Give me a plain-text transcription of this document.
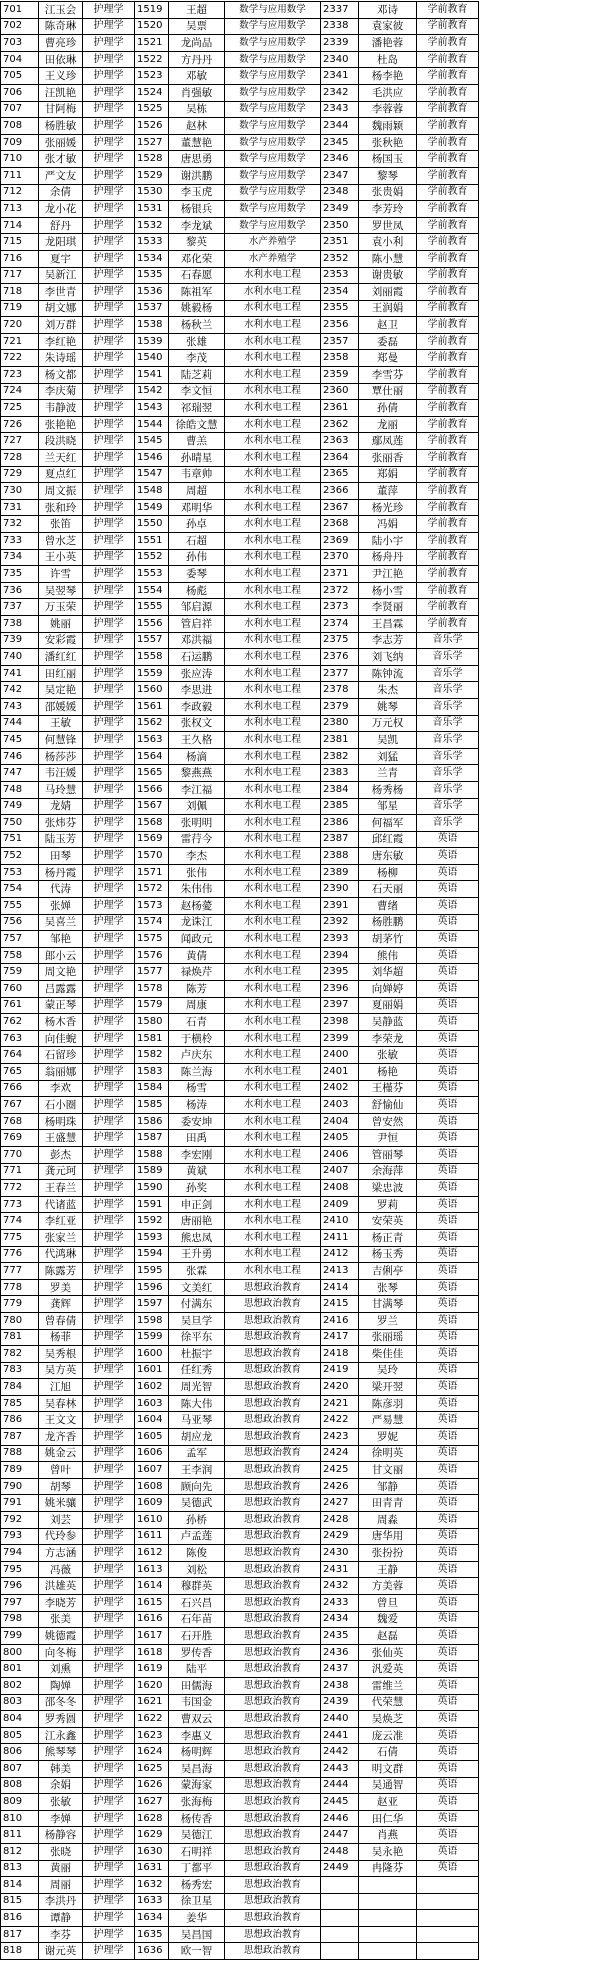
701	江玉会	护理学	1519	王超	数学与应用数学	2337	邓诗	学前教育
702	陈奇琳	护理学	1520	吴票	数学与应用数学	2338	袁家彼	学前教育
703	曹亮珍	护理学	1521	龙尚品	数学与应用数学	2339	潘艳蓉	学前教育
704	田依琳	护理学	1522	方丹丹	数学与应用数学	2340	杜岛	学前教育
705	王义珍	护理学	1523	邓敏	数学与应用数学	2341	杨李艳	学前教育
706	汪凯艳	护理学	1524	肖强敏	数学与应用数学	2342	毛洪应	学前教育
707	甘阿梅	护理学	1525	吴栋	数学与应用数学	2343	李蓉蓉	学前教育
708	杨胜敏	护理学	1526	赵林	数学与应用数学	2344	魏雨颖	学前教育
709	张丽媛	护理学	1527	董慧艳	数学与应用数学	2345	张秋艳	学前教育
710	张才敏	护理学	1528	唐思勇	数学与应用数学	2346	杨国玉	学前教育
711	严文友	护理学	1529	谢洪鹏	数学与应用数学	2347	黎琴	学前教育
712	余倩	护理学	1530	李玉虎	数学与应用数学	2348	张贵娟	学前教育
713	龙小花	护理学	1531	杨银兵	数学与应用数学	2349	李芳玲	学前教育
714	舒丹	护理学	1532	李龙斌	数学与应用数学	2350	罗世凤	学前教育
715	龙阳琪	护理学	1533	黎英	水产养殖学	2351	袁小利	学前教育
716	夏宇	护理学	1534	邓化荣	水产养殖学	2352	陈小慧	学前教育
717	吴新江	护理学	1535	石春愿	水利水电工程	2353	谢贵敏	学前教育
718	李世青	护理学	1536	陈祖军	水利水电工程	2354	刘丽霞	学前教育
719	胡文娜	护理学	1537	姚毅杨	水利水电工程	2355	王润娟	学前教育
720	刘万群	护理学	1538	杨秋兰	水利水电工程	2356	赵卫	学前教育
721	李红艳	护理学	1539	张雄	水利水电工程	2357	委磊	学前教育
722	朱诗瑶	护理学	1540	李茂	水利水电工程	2358	郑曼	学前教育
723	杨文都	护理学	1541	陆芝莉	水利水电工程	2359	李雪芬	学前教育
724	李庆菊	护理学	1542	李文恒	水利水电工程	2360	覃仕丽	学前教育
725	韦静波	护理学	1543	祁瑞翌	水利水电工程	2361	孙倩	学前教育
726	张艳艳	护理学	1544	徐皓文慧	水利水电工程	2362	龙丽	学前教育
727	段洪晓	护理学	1545	曹羔	水利水电工程	2363	鄢凤莲	学前教育
728	兰天红	护理学	1546	孙晴星	水利水电工程	2364	张丽香	学前教育
729	夏点红	护理学	1547	韦章帅	水利水电工程	2365	郑娟	学前教育
730	周文振	护理学	1548	周超	水利水电工程	2366	董萍	学前教育
731	张和玲	护理学	1549	邓明华	水利水电工程	2367	杨光珍	学前教育
732	张笛	护理学	1550	孙卓	水利水电工程	2368	冯娟	学前教育
733	曾水芝	护理学	1551	石超	水利水电工程	2369	陆小宇	学前教育
734	王小英	护理学	1552	孙伟	水利水电工程	2370	杨舟丹	学前教育
735	许雪	护理学	1553	委琴	水利水电工程	2371	尹江艳	学前教育
736	吴翌琴	护理学	1554	杨彪	水利水电工程	2372	杨小雪	学前教育
737	万玉荣	护理学	1555	邹启源	水利水电工程	2373	李贤丽	学前教育
738	姚丽	护理学	1556	管启祥	水利水电工程	2374	王昌霖	学前教育
739	安彩霞	护理学	1557	邓洪福	水利水电工程	2375	李志芳	音乐学
740	潘红红	护理学	1558	石运鹏	水利水电工程	2376	刘飞纳	音乐学
741	田红丽	护理学	1559	张应涛	水利水电工程	2377	陈钟流	音乐学
742	吴定艳	护理学	1560	李思进	水利水电工程	2378	朱杰	音乐学
743	邵媛媛	护理学	1561	李政毅	水利水电工程	2379	姚琴	音乐学
744	王敏	护理学	1562	张权文	水利水电工程	2380	万元权	音乐学
745	何慧锋	护理学	1563	王久格	水利水电工程	2381	吴凯	音乐学
746	杨莎莎	护理学	1564	杨滴	水利水电工程	2382	刘猛	音乐学
747	韦汪媛	护理学	1565	黎燕燕	水利水电工程	2383	兰青	音乐学
748	马玲慧	护理学	1566	李江福	水利水电工程	2384	杨秀杨	音乐学
749	龙婧	护理学	1567	刘佩	水利水电工程	2385	邹星	音乐学
750	张炜芬	护理学	1568	张明明	水利水电工程	2386	何福军	音乐学
751	陆玉芳	护理学	1569	雷荇今	水利水电工程	2387	邱红霞	英语
752	田琴	护理学	1570	李杰	水利水电工程	2388	唐东敏	英语
753	杨丹霞	护理学	1571	张伟	水利水电工程	2389	杨柳	英语
754	代涛	护理学	1572	朱伟伟	水利水电工程	2390	石天丽	英语
755	张婵	护理学	1573	赵杨薆	水利水电工程	2391	曹绪	英语
756	吴喜兰	护理学	1574	龙诛江	水利水电工程	2392	杨胜鹏	英语
757	邹艳	护理学	1575	闻政元	水利水电工程	2393	胡茅竹	英语
758	郎小云	护理学	1576	黄倩	水利水电工程	2394	熊伟	英语
759	周文艳	护理学	1577	禄焕芹	水利水电工程	2395	刘华超	英语
760	吕露露	护理学	1578	陈芳	水利水电工程	2396	向婵婷	英语
761	蒙正琴	护理学	1579	周康	水利水电工程	2397	夏丽娟	英语
762	杨木香	护理学	1580	石青	水利水电工程	2398	吴静蓝	英语
763	向佳蜺	护理学	1581	于横柃	水利水电工程	2399	李荣龙	英语
764	石留珍	护理学	1582	卢庆东	水利水电工程	2400	张敏	英语
765	翁丽娜	护理学	1583	陈兰海	水利水电工程	2401	杨艳	英语
766	李欢	护理学	1584	杨雪	水利水电工程	2402	王槿芬	英语
767	石小圈	护理学	1585	杨涛	水利水电工程	2403	舒愉仙	英语
768	杨明珠	护理学	1586	委安坤	水利水电工程	2404	曾安然	英语
769	王盛慧	护理学	1587	田禹	水利水电工程	2405	尹恒	英语
770	彭杰	护理学	1588	李宏刚	水利水电工程	2406	管丽琴	英语
771	龚元珂	护理学	1589	黄斌	水利水电工程	2407	余海萍	英语
772	王春兰	护理学	1590	孙奖	水利水电工程	2408	梁忠波	英语
773	代诸蓝	护理学	1591	申正剑	水利水电工程	2409	罗莉	英语
774	李红亚	护理学	1592	唐丽艳	水利水电工程	2410	安荣英	英语
775	张家兰	护理学	1593	熊忠凤	水利水电工程	2411	杨正青	英语
776	代鸿琳	护理学	1594	王升勇	水利水电工程	2412	杨玉秀	英语
777	陈露芳	护理学	1595	张霖	水利水电工程	2413	吉俐亭	英语
778	罗美	护理学	1596	文美红	思想政治教育	2414	张琴	英语
779	龚辉	护理学	1597	付满东	思想政治教育	2415	甘满琴	英语
780	曾春倩	护理学	1598	吴旦学	思想政治教育	2416	罗兰	英语
781	杨菲	护理学	1599	徐平东	思想政治教育	2417	张丽瑶	英语
782	吴秀根	护理学	1600	杜振宇	思想政治教育	2418	柴佳佳	英语
783	吴方英	护理学	1601	任红秀	思想政治教育	2419	吴玲	英语
784	江旭	护理学	1602	周光智	思想政治教育	2420	梁开翌	英语
785	吴春林	护理学	1603	陈大伟	思想政治教育	2421	陈彦羽	英语
786	王文文	护理学	1604	马亚琴	思想政治教育	2422	严易慧	英语
787	龙齐香	护理学	1605	胡应龙	思想政治教育	2423	罗妮	英语
788	姚金云	护理学	1606	孟军	思想政治教育	2424	徐明英	英语
789	曾叶	护理学	1607	王李润	思想政治教育	2425	甘文丽	英语
790	胡琴	护理学	1608	顾向先	思想政治教育	2426	邹静	英语
791	姚米骧	护理学	1609	吴德武	思想政治教育	2427	田青青	英语
792	刘芸	护理学	1610	孙桥	思想政治教育	2428	周淼	英语
793	代玲参	护理学	1611	卢孟莲	思想政治教育	2429	唐华用	英语
794	方志涵	护理学	1612	陈俊	思想政治教育	2430	张扮扮	英语
795	冯薇	护理学	1613	刘松	思想政治教育	2431	王静	英语
796	洪雄英	护理学	1614	穆群英	思想政治教育	2432	方美蓉	英语
797	李晓芳	护理学	1615	石兴昌	思想政治教育	2433	曾旦	英语
798	张美	护理学	1616	石年苗	思想政治教育	2434	魏爱	英语
799	姚德霞	护理学	1617	石开胜	思想政治教育	2435	赵磊	英语
800	向冬梅	护理学	1618	罗传香	思想政治教育	2436	张仙英	英语
801	刘熏	护理学	1619	陆平	思想政治教育	2437	汎爱英	英语
802	陶婵	护理学	1620	田儒海	思想政治教育	2438	雷维兰	英语
803	邵冬冬	护理学	1621	韦国金	思想政治教育	2439	代荣慧	英语
804	罗秀圆	护理学	1622	曹双云	思想政治教育	2440	吴焕芝	英语
805	江永鑫	护理学	1623	李惠义	思想政治教育	2441	庞云准	英语
806	熊琴琴	护理学	1624	杨明辉	思想政治教育	2442	石倩	英语
807	韩美	护理学	1625	吴昌海	思想政治教育	2443	明文群	英语
808	余娟	护理学	1626	蒙海家	思想政治教育	2444	吴通智	英语
809	张敏	护理学	1627	张海梅	思想政治教育	2445	赵亚	英语
810	李婵	护理学	1628	杨传香	思想政治教育	2446	田仁华	英语
811	杨静容	护理学	1629	吴德江	思想政治教育	2447	肖燕	英语
812	张晓	护理学	1630	石明祥	思想政治教育	2448	吴永艳	英语
813	黄丽	护理学	1631	丁都平	思想政治教育	2449	冉隆芬	英语
814	周丽	护理学	1632	杨秀宏	思想政治教育			
815	李洪丹	护理学	1633	徐卫星	思想政治教育			
816	谭静	护理学	1634	姜华	思想政治教育			
817	李芬	护理学	1635	吴昌国	思想政治教育			
818	谢元英	护理学	1636	欧一智	思想政治教育			
